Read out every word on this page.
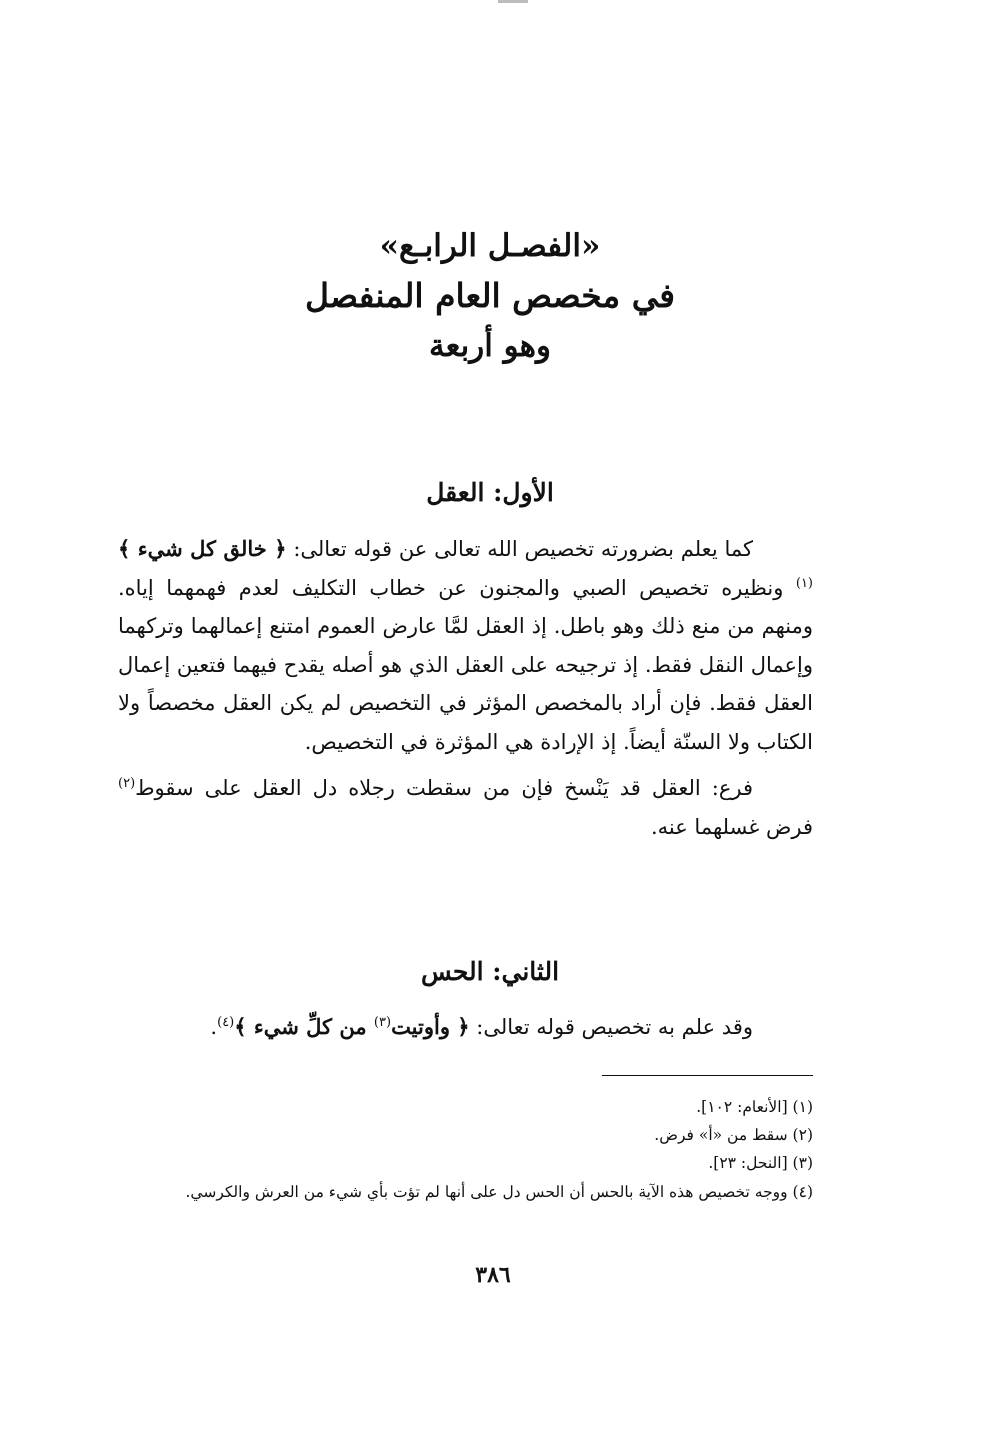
«الفصـل الرابـع»
في مخصص العام المنفصل
وهو أربعة
الأول: العقل

كما يعلم بضرورته تخصيص الله تعالى عن قوله تعالى: ﴿ خالق كل شيء ﴾$^{(١)}$ ونظيره تخصيص الصبي والمجنون عن خطاب التكليف لعدم فهمهما إياه. ومنهم من منع ذلك وهو باطل. إذ العقل لمَّا عارض العموم امتنع إعمالهما وتركهما وإعمال النقل فقط. إذ ترجيحه على العقل الذي هو أصله يقدح فيهما فتعين إعمال العقل فقط. فإن أراد بالمخصص المؤثر في التخصيص لم يكن العقل مخصصاً ولا الكتاب ولا السنّة أيضاً. إذ الإرادة هي المؤثرة في التخصيص.

فرع: العقل قد يَنْسخ فإن من سقطت رجلاه دل العقل على سقوط$^{(٢)}$ فرض غسلهما عنه.

الثاني: الحس

وقد علم به تخصيص قوله تعالى: ﴿ وأوتيت$^{(٣)}$ من كلِّ شيء ﴾$^{(٤)}$.

(١) [الأنعام: ١٠٢].
(٢) سقط من «أ» فرض.
(٣) [النحل: ٢٣].
(٤) ووجه تخصيص هذه الآية بالحس أن الحس دل على أنها لم تؤت بأي شيء من العرش والكرسي.
٣٨٦
